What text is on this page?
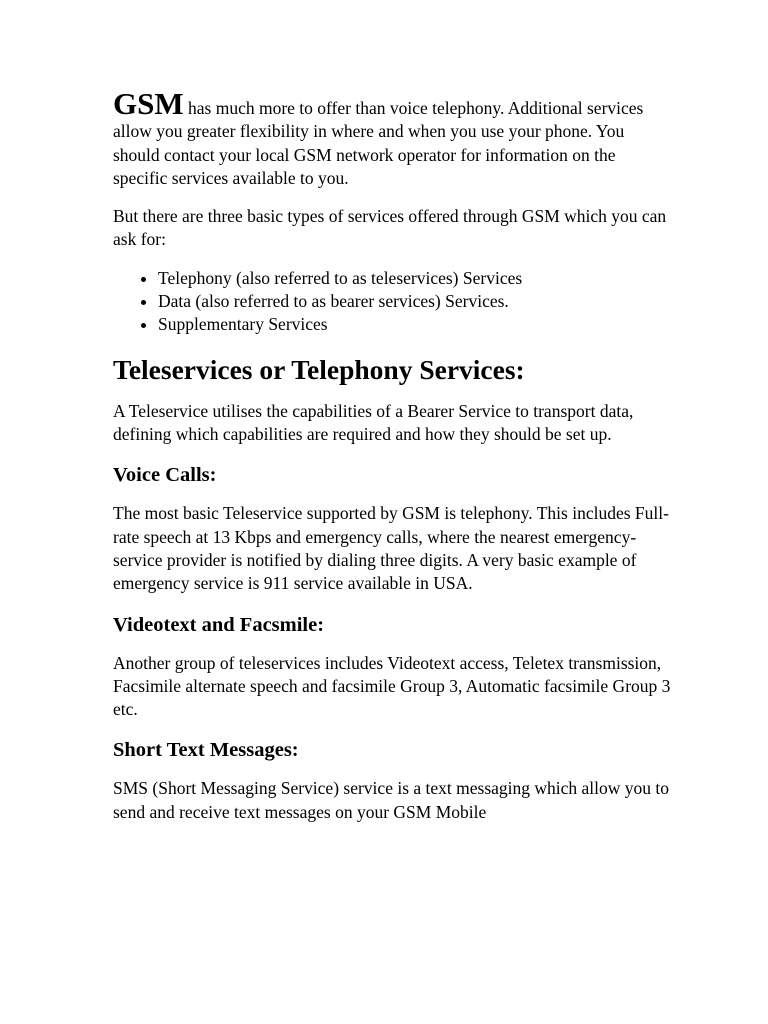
GSM has much more to offer than voice telephony. Additional services allow you greater flexibility in where and when you use your phone. You should contact your local GSM network operator for information on the specific services available to you.

But there are three basic types of services offered through GSM which you can ask for:

• Telephony (also referred to as teleservices) Services
• Data (also referred to as bearer services) Services.
• Supplementary Services
Teleservices or Telephony Services:

A Teleservice utilises the capabilities of a Bearer Service to transport data, defining which capabilities are required and how they should be set up.

Voice Calls:

The most basic Teleservice supported by GSM is telephony. This includes Full-rate speech at 13 Kbps and emergency calls, where the nearest emergency- service provider is notified by dialing three digits. A very basic example of emergency service is 911 service available in USA.

Videotext and Facsmile:

Another group of teleservices includes Videotext access, Teletex transmission, Facsimile alternate speech and facsimile Group 3, Automatic facsimile Group 3 etc.

Short Text Messages:

SMS (Short Messaging Service) service is a text messaging which allow you to send and receive text messages on your GSM Mobile
